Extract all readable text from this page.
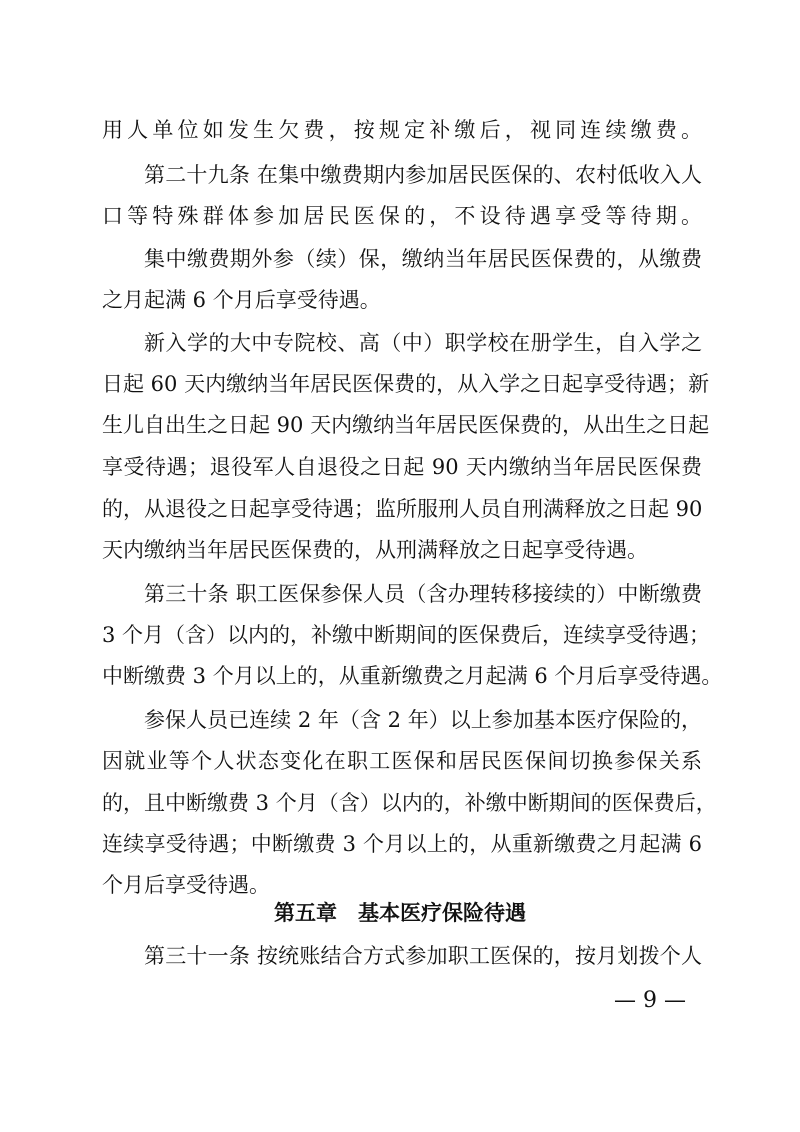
用人单位如发生欠费，按规定补缴后，视同连续缴费。
第二十九条 在集中缴费期内参加居民医保的、农村低收入人
口等特殊群体参加居民医保的，不设待遇享受等待期。
集中缴费期外参（续）保，缴纳当年居民医保费的，从缴费
之月起满 6 个月后享受待遇。
新入学的大中专院校、高（中）职学校在册学生，自入学之
日起 60 天内缴纳当年居民医保费的，从入学之日起享受待遇；新
生儿自出生之日起 90 天内缴纳当年居民医保费的，从出生之日起
享受待遇；退役军人自退役之日起 90 天内缴纳当年居民医保费
的，从退役之日起享受待遇；监所服刑人员自刑满释放之日起 90
天内缴纳当年居民医保费的，从刑满释放之日起享受待遇。
第三十条 职工医保参保人员（含办理转移接续的）中断缴费
3 个月（含）以内的，补缴中断期间的医保费后，连续享受待遇；
中断缴费 3 个月以上的，从重新缴费之月起满 6 个月后享受待遇。
参保人员已连续 2 年（含 2 年）以上参加基本医疗保险的，
因就业等个人状态变化在职工医保和居民医保间切换参保关系
的，且中断缴费 3 个月（含）以内的，补缴中断期间的医保费后，
连续享受待遇；中断缴费 3 个月以上的，从重新缴费之月起满 6
个月后享受待遇。
第五章　基本医疗保险待遇
第三十一条 按统账结合方式参加职工医保的，按月划拨个人
— 9 —
